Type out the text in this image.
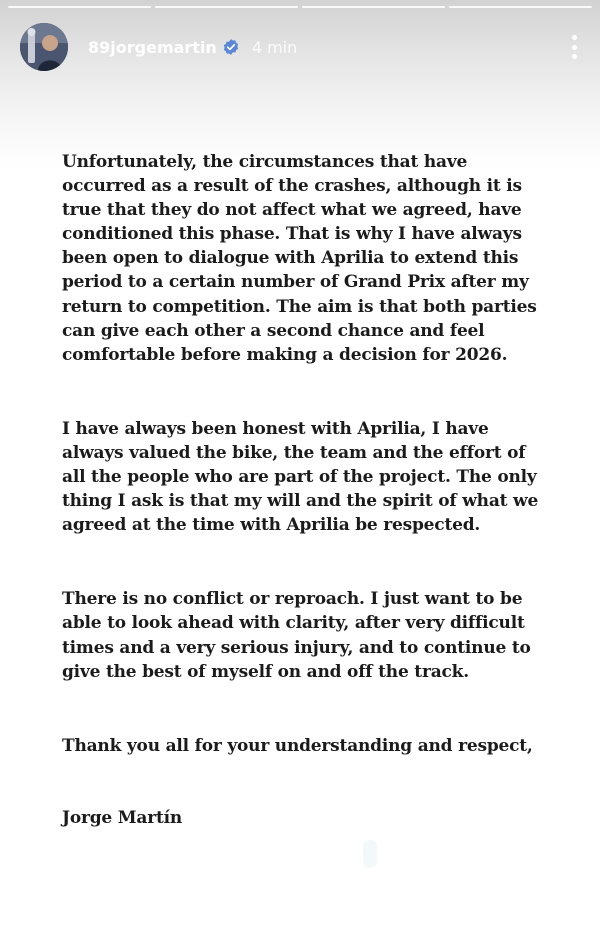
89jorgemartin 4 min

Unfortunately, the circumstances that have occurred as a result of the crashes, although it is true that they do not affect what we agreed, have conditioned this phase. That is why I have always been open to dialogue with Aprilia to extend this period to a certain number of Grand Prix after my return to competition. The aim is that both parties can give each other a second chance and feel comfortable before making a decision for 2026.

I have always been honest with Aprilia, I have always valued the bike, the team and the effort of all the people who are part of the project. The only thing I ask is that my will and the spirit of what we agreed at the time with Aprilia be respected.

There is no conflict or reproach. I just want to be able to look ahead with clarity, after very difficult times and a very serious injury, and to continue to give the best of myself on and off the track.

Thank you all for your understanding and respect,

Jorge Martín
